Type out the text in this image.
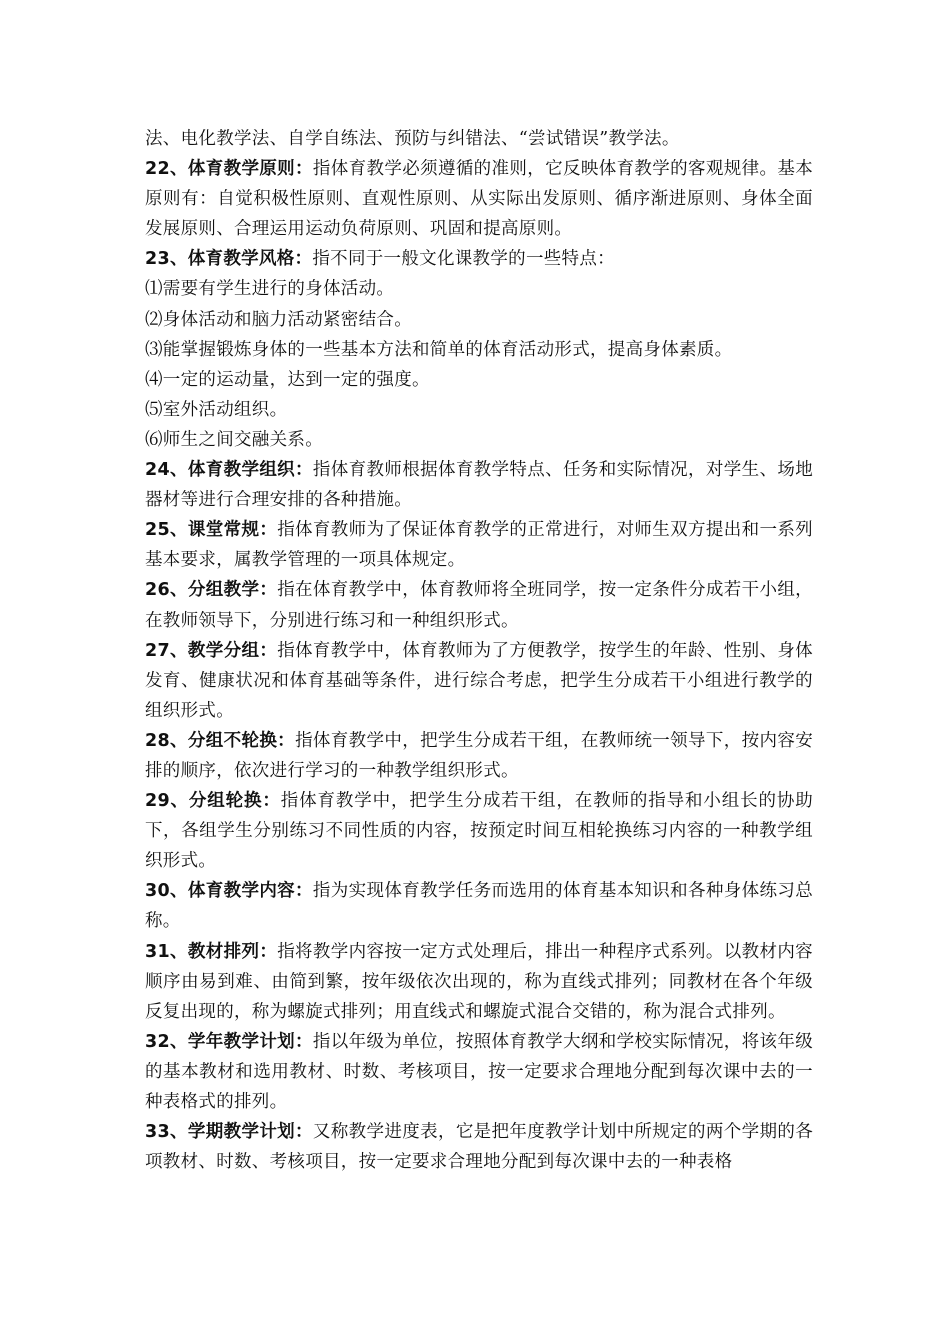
法、电化教学法、自学自练法、预防与纠错法、“尝试错误”教学法。

22、体育教学原则：指体育教学必须遵循的准则，它反映体育教学的客观规律。基本原则有：自觉积极性原则、直观性原则、从实际出发原则、循序渐进原则、身体全面发展原则、合理运用运动负荷原则、巩固和提高原则。

23、体育教学风格：指不同于一般文化课教学的一些特点：

⑴需要有学生进行的身体活动。

⑵身体活动和脑力活动紧密结合。

⑶能掌握锻炼身体的一些基本方法和简单的体育活动形式，提高身体素质。

⑷一定的运动量，达到一定的强度。

⑸室外活动组织。

⑹师生之间交融关系。

24、体育教学组织：指体育教师根据体育教学特点、任务和实际情况，对学生、场地器材等进行合理安排的各种措施。

25、课堂常规：指体育教师为了保证体育教学的正常进行，对师生双方提出和一系列基本要求，属教学管理的一项具体规定。

26、分组教学：指在体育教学中，体育教师将全班同学，按一定条件分成若干小组，在教师领导下，分别进行练习和一种组织形式。

27、教学分组：指体育教学中，体育教师为了方便教学，按学生的年龄、性别、身体发育、健康状况和体育基础等条件，进行综合考虑，把学生分成若干小组进行教学的组织形式。

28、分组不轮换：指体育教学中，把学生分成若干组，在教师统一领导下，按内容安排的顺序，依次进行学习的一种教学组织形式。

29、分组轮换：指体育教学中，把学生分成若干组，在教师的指导和小组长的协助下，各组学生分别练习不同性质的内容，按预定时间互相轮换练习内容的一种教学组织形式。

30、体育教学内容：指为实现体育教学任务而选用的体育基本知识和各种身体练习总称。

31、教材排列：指将教学内容按一定方式处理后，排出一种程序式系列。以教材内容顺序由易到难、由简到繁，按年级依次出现的，称为直线式排列；同教材在各个年级反复出现的，称为螺旋式排列；用直线式和螺旋式混合交错的，称为混合式排列。

32、学年教学计划：指以年级为单位，按照体育教学大纲和学校实际情况，将该年级的基本教材和选用教材、时数、考核项目，按一定要求合理地分配到每次课中去的一种表格式的排列。

33、学期教学计划：又称教学进度表，它是把年度教学计划中所规定的两个学期的各项教材、时数、考核项目，按一定要求合理地分配到每次课中去的一种表格
